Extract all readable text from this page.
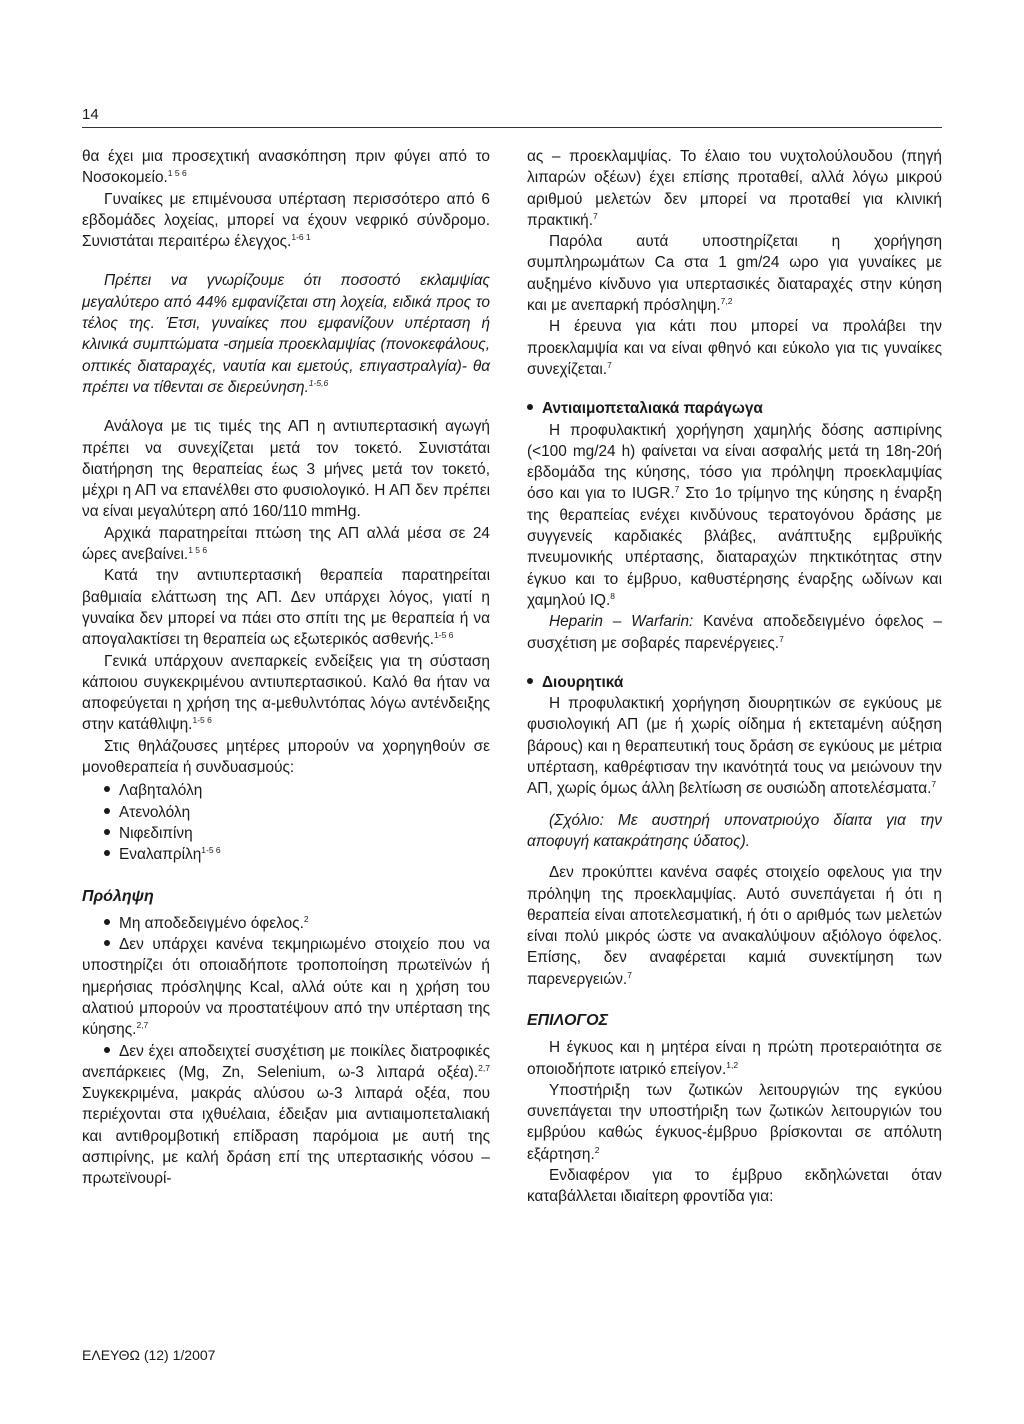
14

θα έχει μια προσεχτική ανασκόπηση πριν φύγει από το Νοσοκομείο.$^{1 5 6}$

Γυναίκες με επιμένουσα υπέρταση περισσότερο από 6 εβδομάδες λοχείας, μπορεί να έχουν νεφρικό σύνδρομο. Συνιστάται περαιτέρω έλεγχος.$^{1-6 1}$

Πρέπει να γνωρίζουμε ότι ποσοστό εκλαμψίας μεγαλύτερο από 44% εμφανίζεται στη λοχεία, ειδικά προς το τέλος της. Έτσι, γυναίκες που εμφανίζουν υπέρταση ή κλινικά συμπτώματα -σημεία προεκλαμψίας (πονοκεφάλους, οπτικές διαταραχές, ναυτία και εμετούς, επιγαστραλγία)- θα πρέπει να τίθενται σε διερεύνηση.$^{1-5,6}$

Ανάλογα με τις τιμές της ΑΠ η αντιυπερτασική αγωγή πρέπει να συνεχίζεται μετά τον τοκετό. Συνιστάται διατήρηση της θεραπείας έως 3 μήνες μετά τον τοκετό, μέχρι η ΑΠ να επανέλθει στο φυσιολογικό. Η ΑΠ δεν πρέπει να είναι μεγαλύτερη από 160/110 mmHg.

Αρχικά παρατηρείται πτώση της ΑΠ αλλά μέσα σε 24 ώρες ανεβαίνει.$^{1 5 6}$

Κατά την αντιυπερτασική θεραπεία παρατηρείται βαθμιαία ελάττωση της ΑΠ. Δεν υπάρχει λόγος, γιατί η γυναίκα δεν μπορεί να πάει στο σπίτι της με θεραπεία ή να απογαλακτίσει τη θεραπεία ως εξωτερικός ασθενής.$^{1-5 6}$

Γενικά υπάρχουν ανεπαρκείς ενδείξεις για τη σύσταση κάποιου συγκεκριμένου αντιυπερτασικού. Καλό θα ήταν να αποφεύγεται η χρήση της α-μεθυλντόπας λόγω αντένδειξης στην κατάθλιψη.$^{1-5 6}$

Στις θηλάζουσες μητέρες μπορούν να χορηγηθούν σε μονοθεραπεία ή συνδυασμούς:

Λαβηταλόλη
Ατενολόλη
Νιφεδιπίνη
Εναλαπρίλη$^{1-5 6}$
Πρόληψη

Μη αποδεδειγμένο όφελος.$^2$

Δεν υπάρχει κανένα τεκμηριωμένο στοιχείο που να υποστηρίζει ότι οποιαδήποτε τροποποίηση πρωτεϊνών ή ημερήσιας πρόσληψης Kcal, αλλά ούτε και η χρήση του αλατιού μπορούν να προστατέψουν από την υπέρταση της κύησης.$^{2,7}$

Δεν έχει αποδειχτεί συσχέτιση με ποικίλες διατροφικές ανεπάρκειες (Mg, Zn, Selenium, ω-3 λιπαρά οξέα).$^{2,7}$ Συγκεκριμένα, μακράς αλύσου ω-3 λιπαρά οξέα, που περιέχονται στα ιχθυέλαια, έδειξαν μια αντιαιμοπεταλιακή και αντιθρομβοτική επίδραση παρόμοια με αυτή της ασπιρίνης, με καλή δράση επί της υπερτασικής νόσου – πρωτεϊνουρί-

ας – προεκλαμψίας. Το έλαιο του νυχτολούλουδου (πηγή λιπαρών οξέων) έχει επίσης προταθεί, αλλά λόγω μικρού αριθμού μελετών δεν μπορεί να προταθεί για κλινική πρακτική.$^7$

Παρόλα αυτά υποστηρίζεται η χορήγηση συμπληρωμάτων Ca στα 1 gm/24 ωρο για γυναίκες με αυξημένο κίνδυνο για υπερτασικές διαταραχές στην κύηση και με ανεπαρκή πρόσληψη.$^{7,2}$

Η έρευνα για κάτι που μπορεί να προλάβει την προεκλαμψία και να είναι φθηνό και εύκολο για τις γυναίκες συνεχίζεται.$^7$

Αντιαιμοπεταλιακά παράγωγα

Η προφυλακτική χορήγηση χαμηλής δόσης ασπιρίνης (<100 mg/24 h) φαίνεται να είναι ασφαλής μετά τη 18η-20ή εβδομάδα της κύησης, τόσο για πρόληψη προεκλαμψίας όσο και για το IUGR.$^7$ Στο 1ο τρίμηνο της κύησης η έναρξη της θεραπείας ενέχει κινδύνους τερατογόνου δράσης με συγγενείς καρδιακές βλάβες, ανάπτυξης εμβρυϊκής πνευμονικής υπέρτασης, διαταραχών πηκτικότητας στην έγκυο και το έμβρυο, καθυστέρησης έναρξης ωδίνων και χαμηλού IQ.$^8$

Heparin – Warfarin: Κανένα αποδεδειγμένο όφελος – συσχέτιση με σοβαρές παρενέργειες.$^7$

Διουρητικά

Η προφυλακτική χορήγηση διουρητικών σε εγκύους με φυσιολογική ΑΠ (με ή χωρίς οίδημα ή εκτεταμένη αύξηση βάρους) και η θεραπευτική τους δράση σε εγκύους με μέτρια υπέρταση, καθρέφτισαν την ικανότητά τους να μειώνουν την ΑΠ, χωρίς όμως άλλη βελτίωση σε ουσιώδη αποτελέσματα.$^7$

(Σχόλιο: Με αυστηρή υπονατριούχο δίαιτα για την αποφυγή κατακράτησης ύδατος).

Δεν προκύπτει κανένα σαφές στοιχείο οφελους για την πρόληψη της προεκλαμψίας. Αυτό συνεπάγεται ή ότι η θεραπεία είναι αποτελεσματική, ή ότι ο αριθμός των μελετών είναι πολύ μικρός ώστε να ανακαλύψουν αξιόλογο όφελος. Επίσης, δεν αναφέρεται καμιά συνεκτίμηση των παρενεργειών.$^7$

ΕΠΙΛΟΓΟΣ

Η έγκυος και η μητέρα είναι η πρώτη προτεραιότητα σε οποιοδήποτε ιατρικό επείγον.$^{1,2}$

Υποστήριξη των ζωτικών λειτουργιών της εγκύου συνεπάγεται την υποστήριξη των ζωτικών λειτουργιών του εμβρύου καθώς έγκυος-έμβρυο βρίσκονται σε απόλυτη εξάρτηση.$^2$

Ενδιαφέρον για το έμβρυο εκδηλώνεται όταν καταβάλλεται ιδιαίτερη φροντίδα για:

ΕΛΕΥΘΩ (12) 1/2007
